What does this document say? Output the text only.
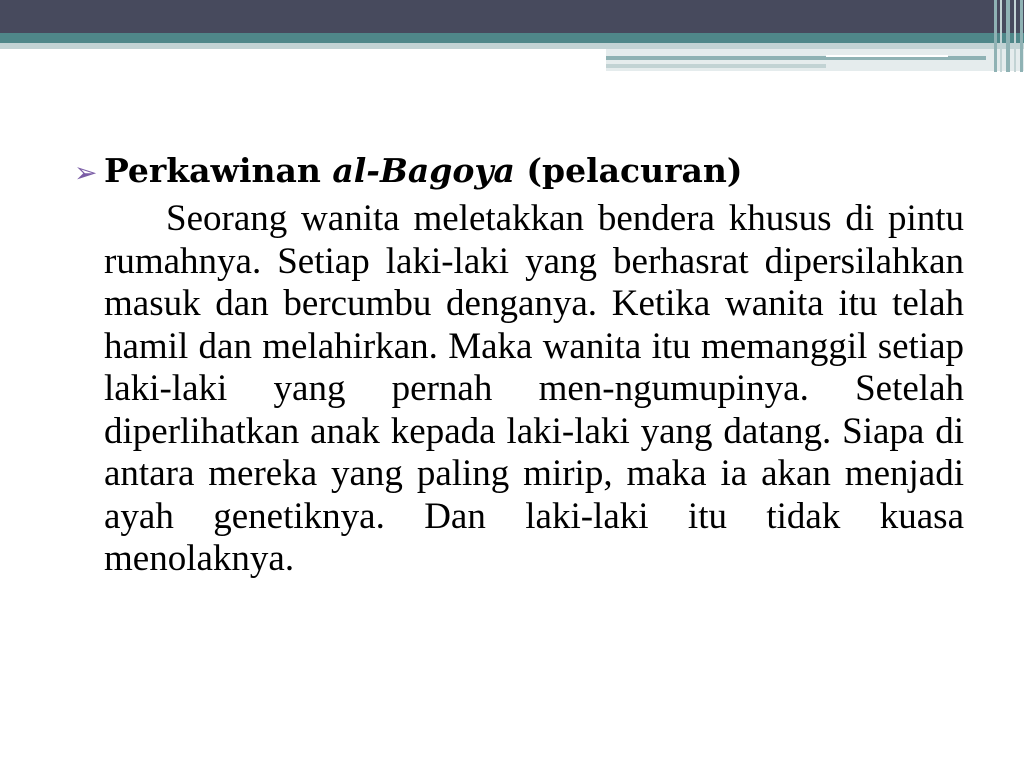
➢ Perkawinan al-Bagoya (pelacuran)

Seorang wanita meletakkan bendera khusus di pintu rumahnya. Setiap laki-laki yang berhasrat dipersilahkan masuk dan bercumbu denganya. Ketika wanita itu telah hamil dan melahirkan. Maka wanita itu memanggil setiap laki-laki yang pernah men-ngumupinya. Setelah diperlihatkan anak kepada laki-laki yang datang. Siapa di antara mereka yang paling mirip, maka ia akan menjadi ayah genetiknya. Dan laki-laki itu tidak kuasa menolaknya.
